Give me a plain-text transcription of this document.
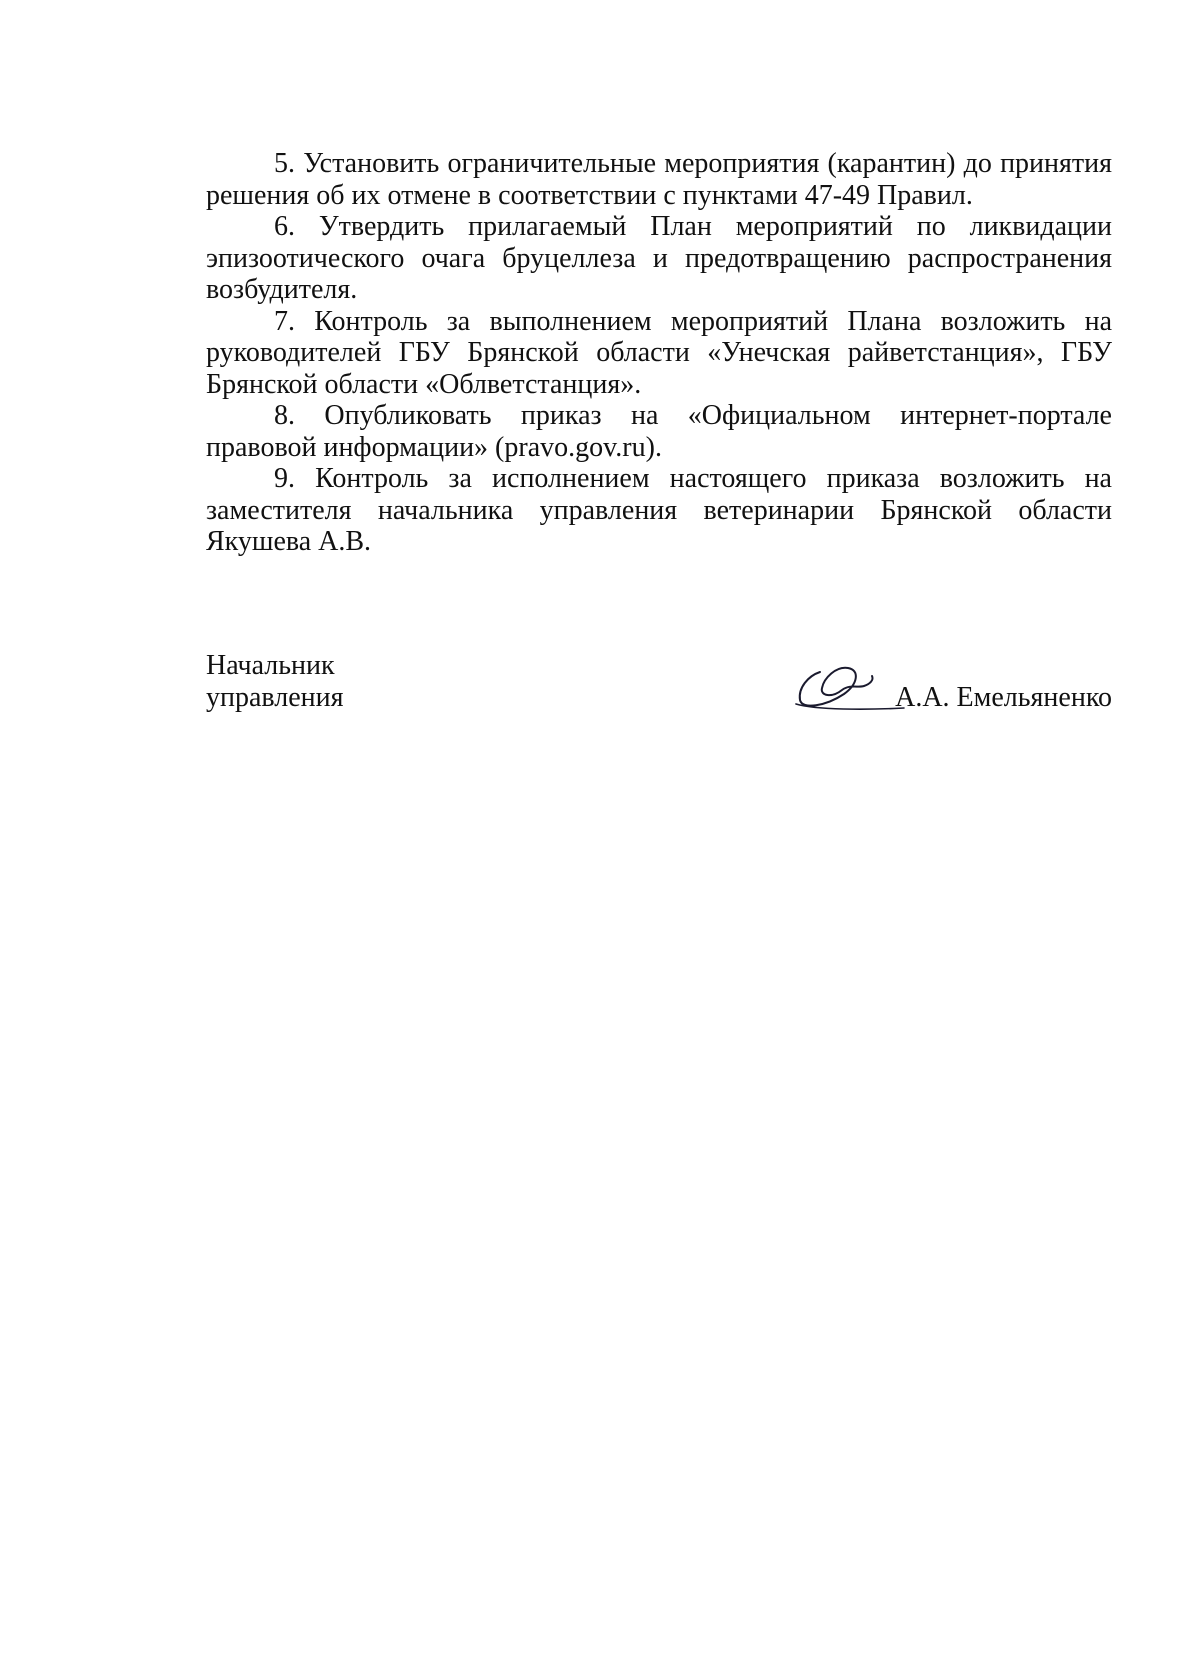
5. Установить ограничительные мероприятия (карантин) до принятия решения об их отмене в соответствии с пунктами 47-49 Правил.

6. Утвердить прилагаемый План мероприятий по ликвидации эпизоотического очага бруцеллеза и предотвращению распространения возбудителя.

7. Контроль за выполнением мероприятий Плана возложить на руководителей ГБУ Брянской области «Унечская райветстанция», ГБУ Брянской области «Облветстанция».

8. Опубликовать приказ на «Официальном интернет-портале правовой информации» (pravo.gov.ru).

9. Контроль за исполнением настоящего приказа возложить на заместителя начальника управления ветеринарии Брянской области Якушева А.В.

Начальник
управления	А.А. Емельяненко
